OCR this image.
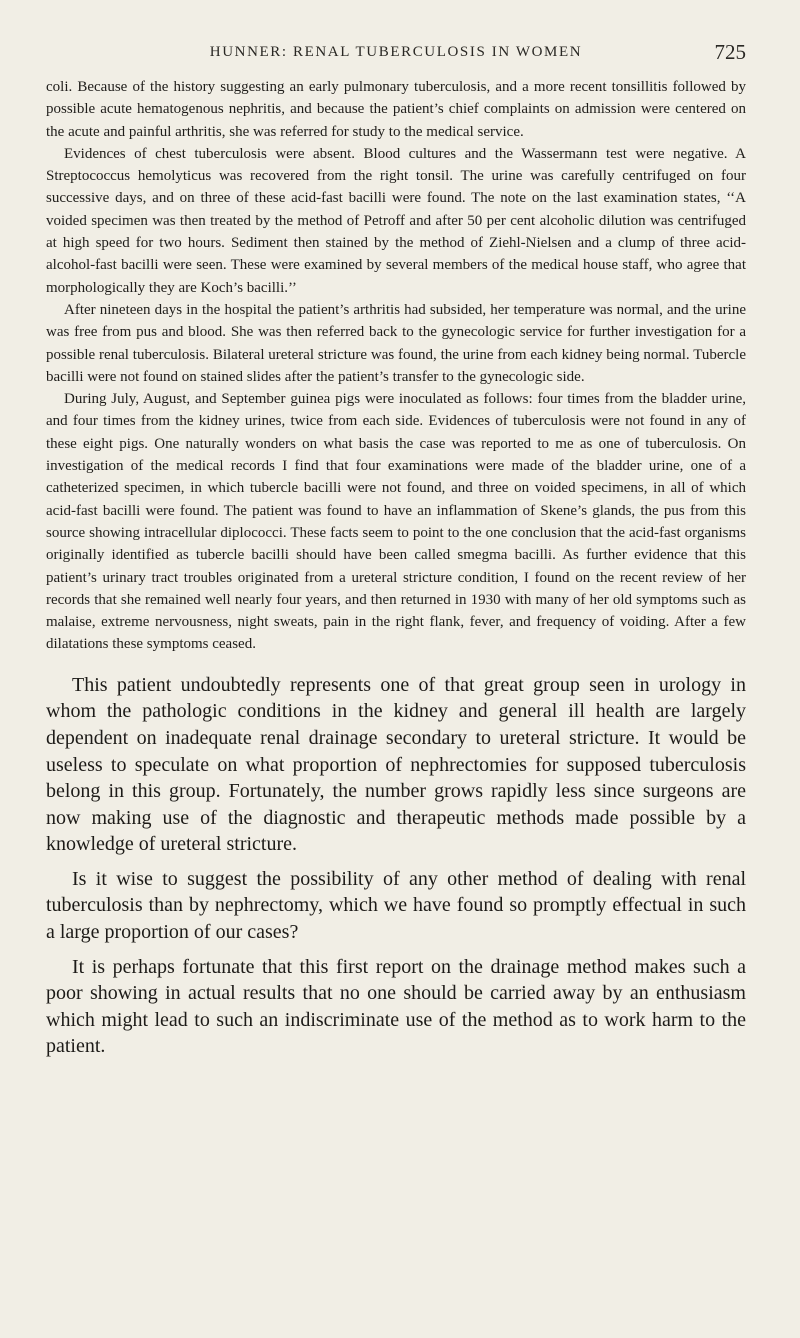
HUNNER: RENAL TUBERCULOSIS IN WOMEN	725

coli. Because of the history suggesting an early pulmonary tuberculosis, and a more recent tonsillitis followed by possible acute hematogenous nephritis, and because the patient’s chief complaints on admission were centered on the acute and painful arthritis, she was referred for study to the medical service.

Evidences of chest tuberculosis were absent. Blood cultures and the Wassermann test were negative. A Streptococcus hemolyticus was recovered from the right tonsil. The urine was carefully centrifuged on four successive days, and on three of these acid-fast bacilli were found. The note on the last examination states, ‘‘A voided specimen was then treated by the method of Petroff and after 50 per cent alcoholic dilution was centrifuged at high speed for two hours. Sediment then stained by the method of Ziehl-Nielsen and a clump of three acid-alcohol-fast bacilli were seen. These were examined by several members of the medical house staff, who agree that morphologically they are Koch’s bacilli.’’

After nineteen days in the hospital the patient’s arthritis had subsided, her temperature was normal, and the urine was free from pus and blood. She was then referred back to the gynecologic service for further investigation for a possible renal tuberculosis. Bilateral ureteral stricture was found, the urine from each kidney being normal. Tubercle bacilli were not found on stained slides after the patient’s transfer to the gynecologic side.

During July, August, and September guinea pigs were inoculated as follows: four times from the bladder urine, and four times from the kidney urines, twice from each side. Evidences of tuberculosis were not found in any of these eight pigs. One naturally wonders on what basis the case was reported to me as one of tuberculosis. On investigation of the medical records I find that four examinations were made of the bladder urine, one of a catheterized specimen, in which tubercle bacilli were not found, and three on voided specimens, in all of which acid-fast bacilli were found. The patient was found to have an inflammation of Skene’s glands, the pus from this source showing intracellular diplococci. These facts seem to point to the one conclusion that the acid-fast organisms originally identified as tubercle bacilli should have been called smegma bacilli. As further evidence that this patient’s urinary tract troubles originated from a ureteral stricture condition, I found on the recent review of her records that she remained well nearly four years, and then returned in 1930 with many of her old symptoms such as malaise, extreme nervousness, night sweats, pain in the right flank, fever, and frequency of voiding. After a few dilatations these symptoms ceased.

This patient undoubtedly represents one of that great group seen in urology in whom the pathologic conditions in the kidney and general ill health are largely dependent on inadequate renal drainage secondary to ureteral stricture. It would be useless to speculate on what proportion of nephrectomies for supposed tuberculosis belong in this group. Fortunately, the number grows rapidly less since surgeons are now making use of the diagnostic and therapeutic methods made possible by a knowledge of ureteral stricture.

Is it wise to suggest the possibility of any other method of dealing with renal tuberculosis than by nephrectomy, which we have found so promptly effectual in such a large proportion of our cases?

It is perhaps fortunate that this first report on the drainage method makes such a poor showing in actual results that no one should be carried away by an enthusiasm which might lead to such an indiscriminate use of the method as to work harm to the patient.
